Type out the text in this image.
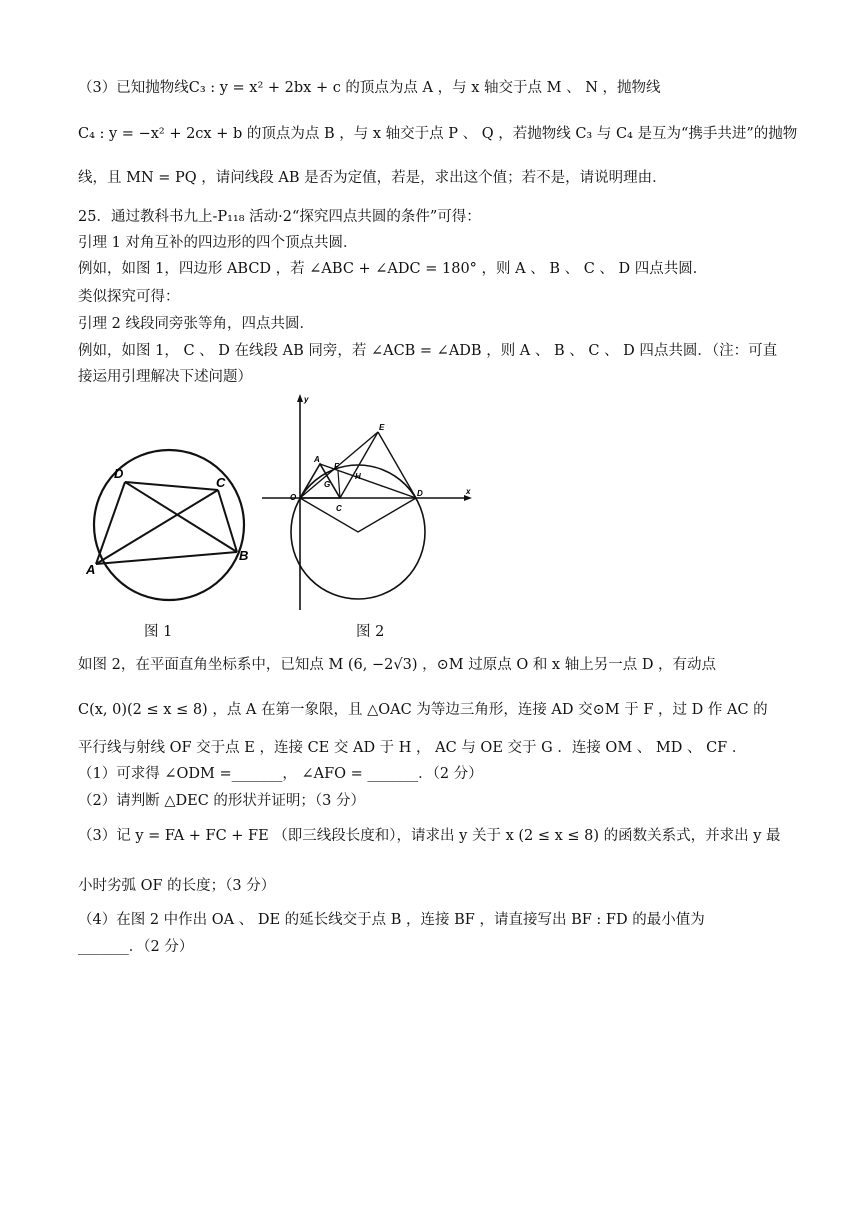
（3）已知抛物线C₃ : y = x² + 2bx + c 的顶点为点 A ，与 x 轴交于点 M 、 N ，抛物线
C₄ : y = −x² + 2cx + b 的顶点为点 B ，与 x 轴交于点 P 、 Q ，若抛物线 C₃ 与 C₄ 是互为“携手共进”的抛物
线，且 MN = PQ ，请问线段 AB 是否为定值，若是，求出这个值；若不是，请说明理由．
25．通过教科书九上-P₁₁₈ 活动·2“探究四点共圆的条件”可得：
引理 1 对角互补的四边形的四个顶点共圆．
例如，如图 1，四边形 ABCD ，若 ∠ABC + ∠ADC = 180° ，则 A 、 B 、 C 、 D 四点共圆．
类似探究可得：
引理 2 线段同旁张等角，四点共圆．
例如，如图 1， C 、 D 在线段 AB 同旁，若 ∠ACB = ∠ADB ，则 A 、 B 、 C 、 D 四点共圆．（注：可直
接运用引理解决下述问题）
D
C
B
A
E
A
F
G
H
O
C
D
y
x
图 1	图 2
如图 2，在平面直角坐标系中，已知点 M (6, −2√3) ，⊙M 过原点 O 和 x 轴上另一点 D ，有动点
C(x, 0)(2 ≤ x ≤ 8) ，点 A 在第一象限，且 △OAC 为等边三角形，连接 AD 交⊙M 于 F ，过 D 作 AC 的
平行线与射线 OF 交于点 E ，连接 CE 交 AD 于 H ， AC 与 OE 交于 G ．连接 OM 、 MD 、 CF ．
（1）可求得 ∠ODM =_______， ∠AFO = _______．（2 分）
（2）请判断 △DEC 的形状并证明；（3 分）
（3）记 y = FA + FC + FE （即三线段长度和），请求出 y 关于 x (2 ≤ x ≤ 8) 的函数关系式，并求出 y 最
小时劣弧 OF 的长度；（3 分）
（4）在图 2 中作出 OA 、 DE 的延长线交于点 B ，连接 BF ，请直接写出 BF : FD 的最小值为
_______．（2 分）
